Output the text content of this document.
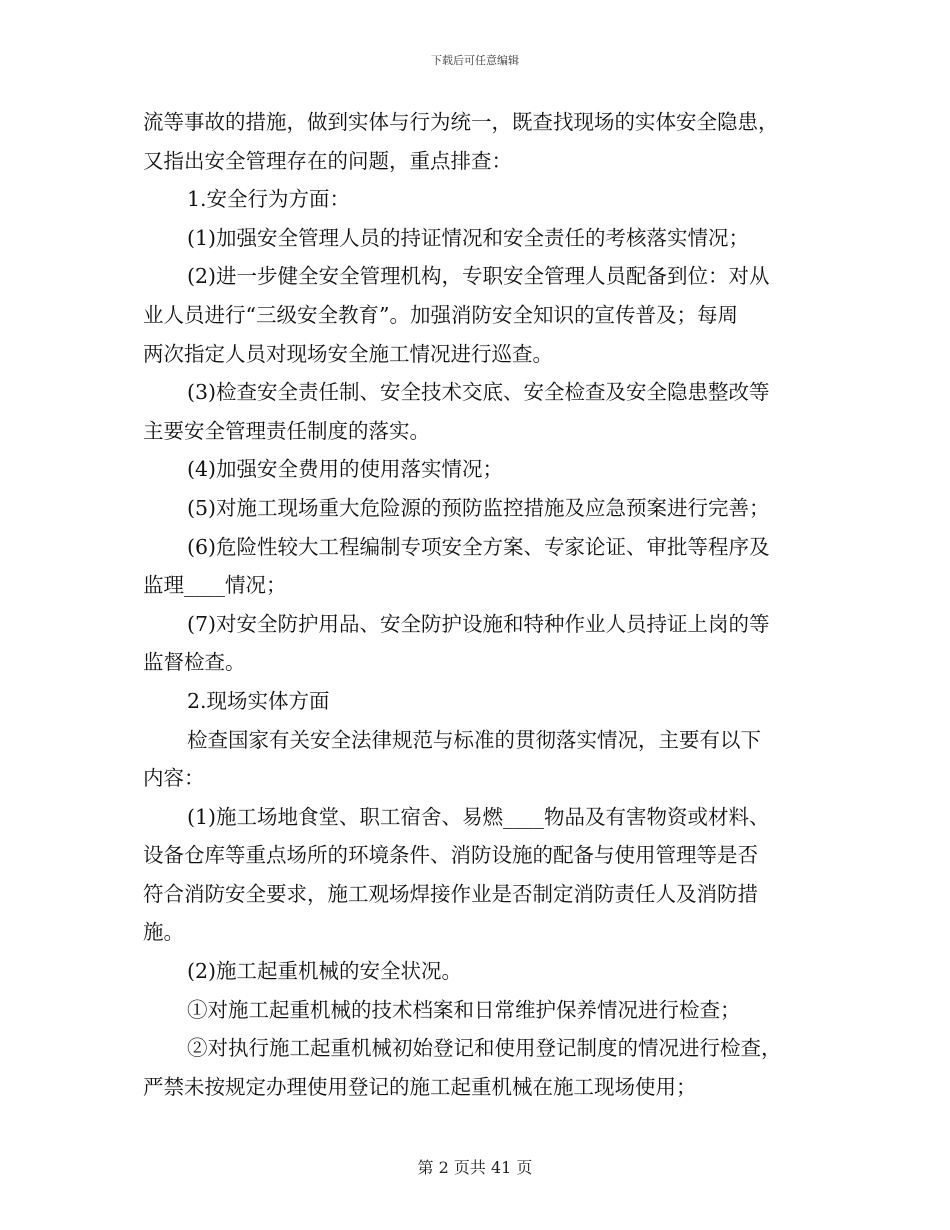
下载后可任意编辑
流等事故的措施，做到实体与行为统一，既查找现场的实体安全隐患，
又指出安全管理存在的问题，重点排查：
1.安全行为方面：
(1)加强安全管理人员的持证情况和安全责任的考核落实情况；
(2)进一步健全安全管理机构，专职安全管理人员配备到位：对从
业人员进行“三级安全教育”。加强消防安全知识的宣传普及；每周
两次指定人员对现场安全施工情况进行巡查。
(3)检查安全责任制、安全技术交底、安全检查及安全隐患整改等
主要安全管理责任制度的落实。
(4)加强安全费用的使用落实情况；
(5)对施工现场重大危险源的预防监控措施及应急预案进行完善；
(6)危险性较大工程编制专项安全方案、专家论证、审批等程序及
监理____情况；
(7)对安全防护用品、安全防护设施和特种作业人员持证上岗的等
监督检查。
2.现场实体方面
检查国家有关安全法律规范与标准的贯彻落实情况，主要有以下
内容：
(1)施工场地食堂、职工宿舍、易燃____物品及有害物资或材料、
设备仓库等重点场所的环境条件、消防设施的配备与使用管理等是否
符合消防安全要求，施工观场焊接作业是否制定消防责任人及消防措
施。
(2)施工起重机械的安全状况。
①对施工起重机械的技术档案和日常维护保养情况进行检查；
②对执行施工起重机械初始登记和使用登记制度的情况进行检查，
严禁未按规定办理使用登记的施工起重机械在施工现场使用；
第 2 页共 41 页
